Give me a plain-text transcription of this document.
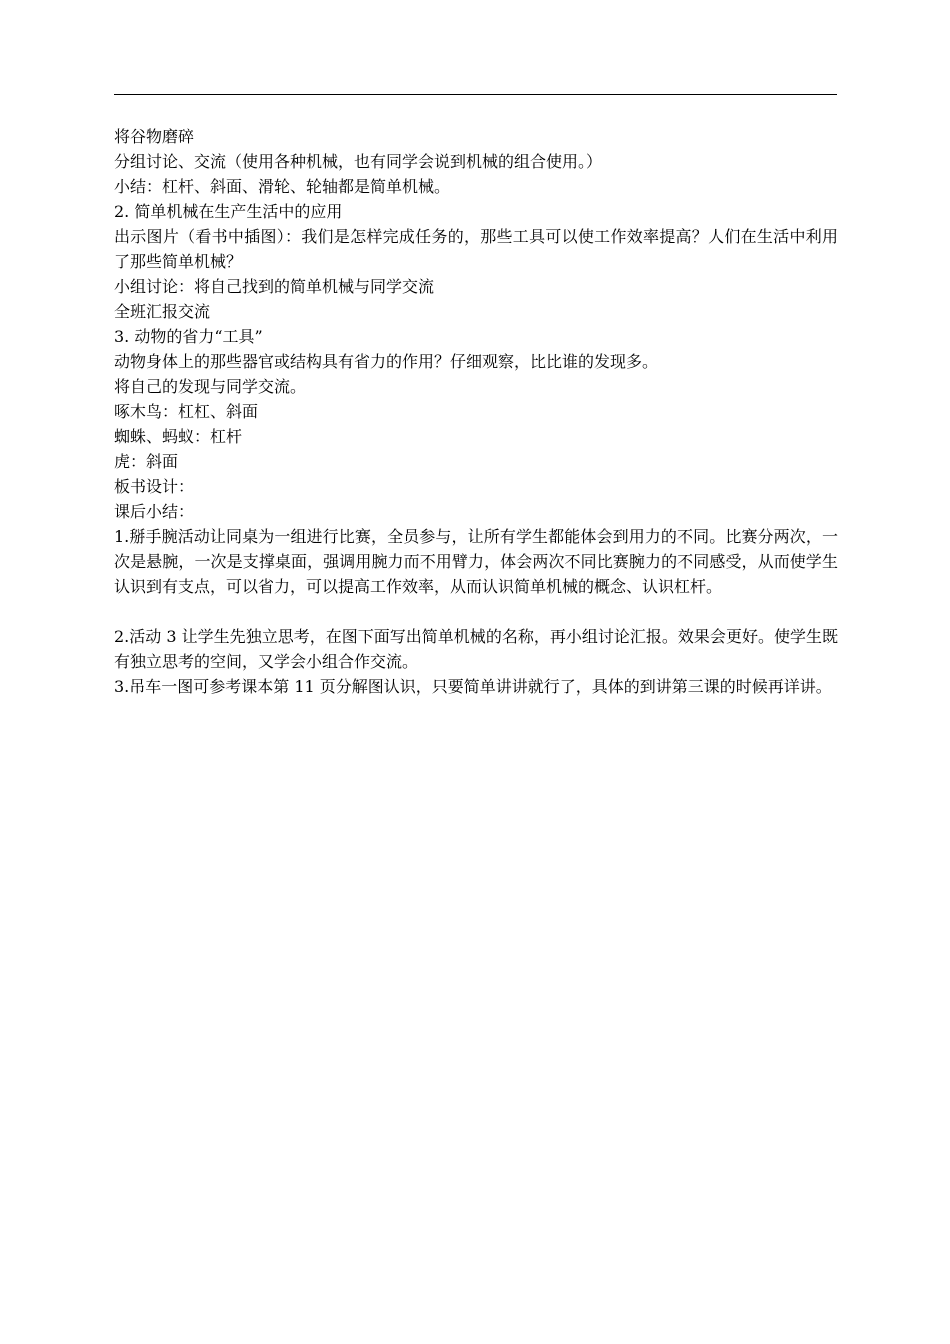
将谷物磨碎

分组讨论、交流（使用各种机械，也有同学会说到机械的组合使用。）

小结：杠杆、斜面、滑轮、轮轴都是简单机械。

2. 简单机械在生产生活中的应用

出示图片（看书中插图）：我们是怎样完成任务的，那些工具可以使工作效率提高？人们在生活中利用了那些简单机械？

小组讨论：将自己找到的简单机械与同学交流

全班汇报交流

3. 动物的省力“工具”

动物身体上的那些器官或结构具有省力的作用？仔细观察，比比谁的发现多。

将自己的发现与同学交流。

啄木鸟：杠杠、斜面

蜘蛛、蚂蚁：杠杆

虎：斜面

板书设计：

课后小结：

1.掰手腕活动让同桌为一组进行比赛，全员参与，让所有学生都能体会到用力的不同。比赛分两次，一次是悬腕，一次是支撑桌面，强调用腕力而不用臂力，体会两次不同比赛腕力的不同感受，从而使学生认识到有支点，可以省力，可以提高工作效率，从而认识简单机械的概念、认识杠杆。

2.活动 3 让学生先独立思考，在图下面写出简单机械的名称，再小组讨论汇报。效果会更好。使学生既有独立思考的空间，又学会小组合作交流。

3.吊车一图可参考课本第 11 页分解图认识，只要简单讲讲就行了，具体的到讲第三课的时候再详讲。
